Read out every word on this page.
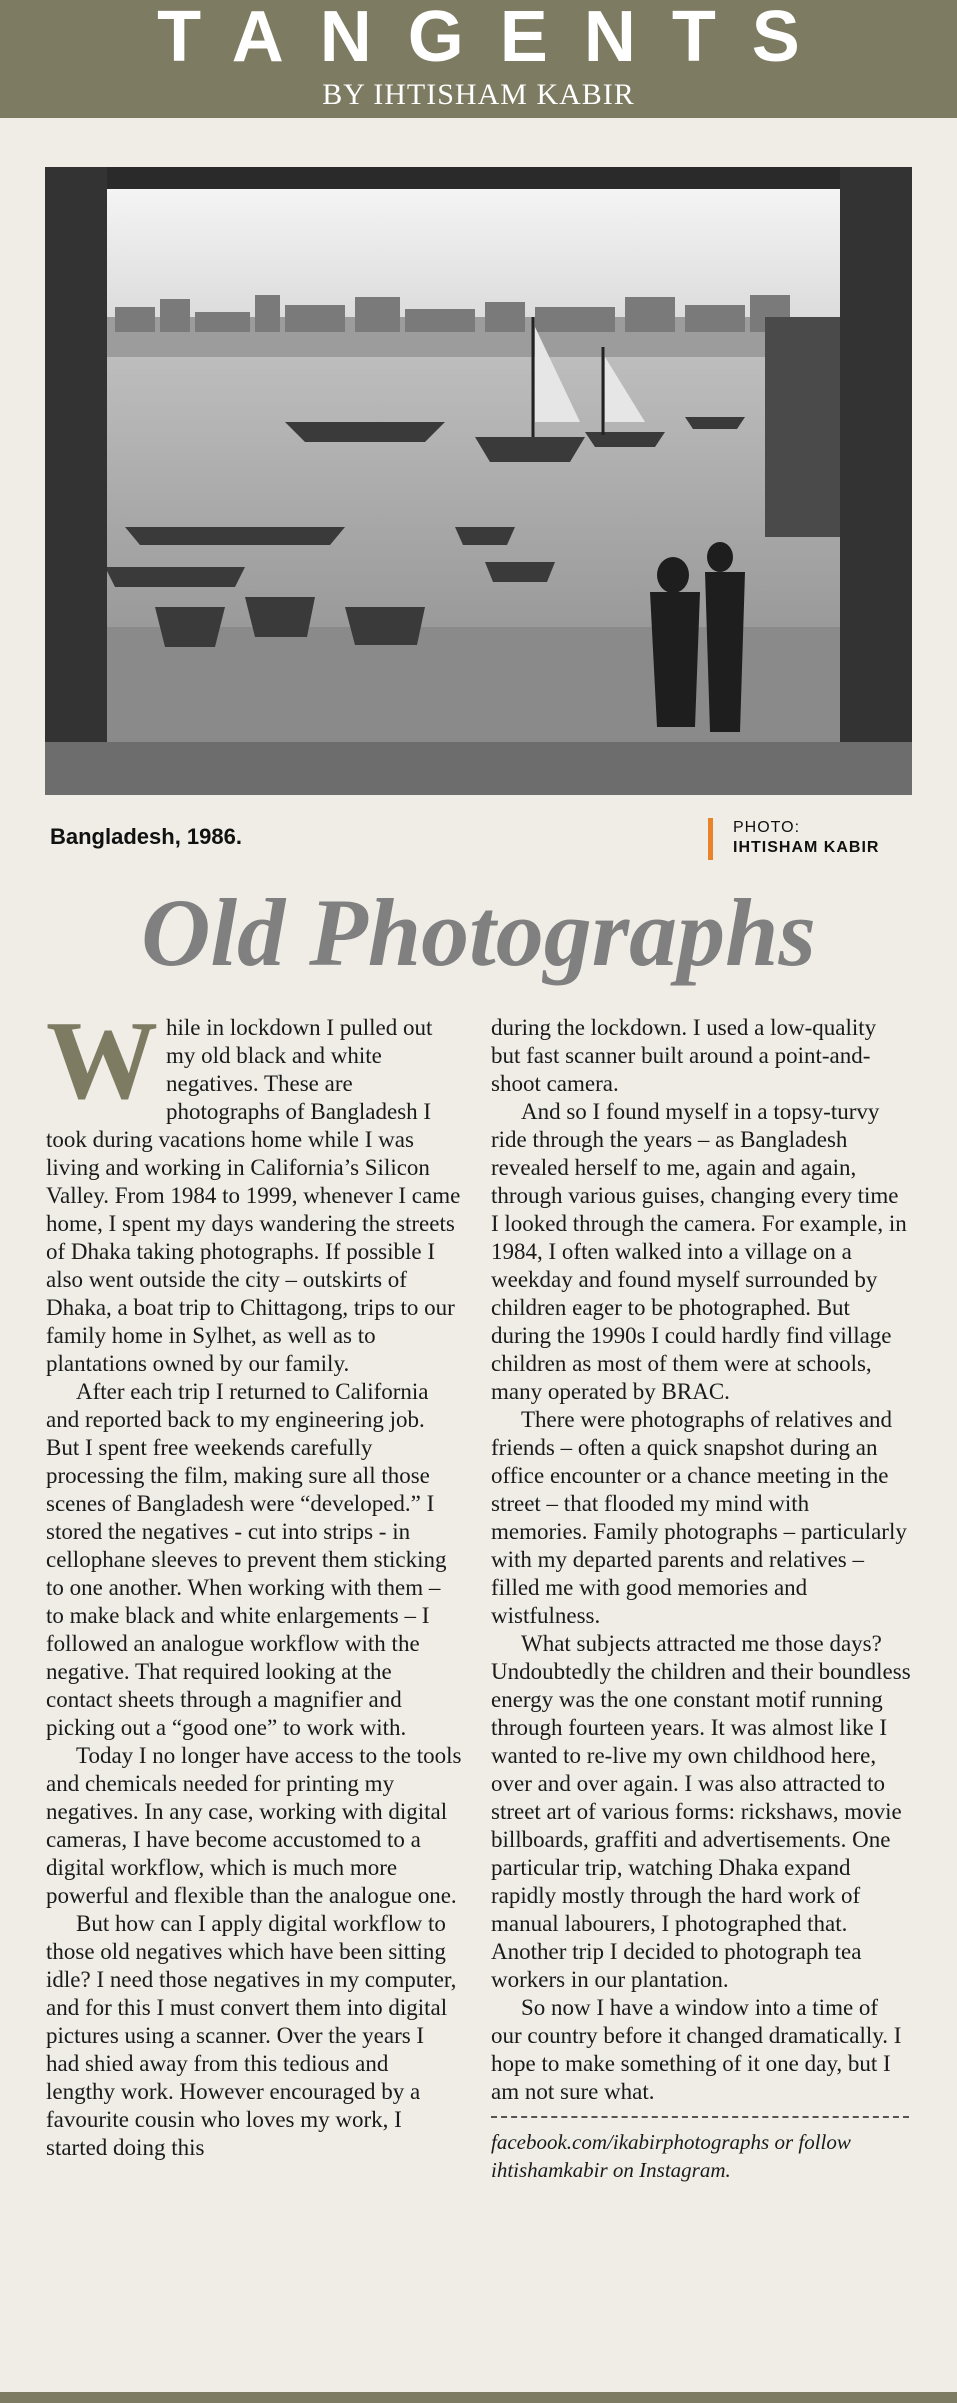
TANGENTS
BY IHTISHAM KABIR
Bangladesh, 1986.	PHOTO:
IHTISHAM KABIR
Old Photographs

While in lockdown I pulled out my old black and white negatives. These are photographs of Bangladesh I took during vacations home while I was living and working in California’s Silicon Valley. From 1984 to 1999, whenever I came home, I spent my days wandering the streets of Dhaka taking photographs. If possible I also went outside the city – outskirts of Dhaka, a boat trip to Chittagong, trips to our family home in Sylhet, as well as to plantations owned by our family.

After each trip I returned to California and reported back to my engineering job. But I spent free weekends carefully processing the film, making sure all those scenes of Bangladesh were “developed.” I stored the negatives - cut into strips - in cellophane sleeves to prevent them sticking to one another. When working with them – to make black and white enlargements – I followed an analogue workflow with the negative. That required looking at the contact sheets through a magnifier and picking out a “good one” to work with.

Today I no longer have access to the tools and chemicals needed for printing my negatives. In any case, working with digital cameras, I have become accustomed to a digital workflow, which is much more powerful and flexible than the analogue one.

But how can I apply digital workflow to those old negatives which have been sitting idle? I need those negatives in my computer, and for this I must convert them into digital pictures using a scanner. Over the years I had shied away from this tedious and lengthy work. However encouraged by a favourite cousin who loves my work, I started doing this

during the lockdown. I used a low-quality but fast scanner built around a point-and-shoot camera.

And so I found myself in a topsy-turvy ride through the years – as Bangladesh revealed herself to me, again and again, through various guises, changing every time I looked through the camera. For example, in 1984, I often walked into a village on a weekday and found myself surrounded by children eager to be photographed. But during the 1990s I could hardly find village children as most of them were at schools, many operated by BRAC.

There were photographs of relatives and friends – often a quick snapshot during an office encounter or a chance meeting in the street – that flooded my mind with memories. Family photographs – particularly with my departed parents and relatives – filled me with good memories and wistfulness.

What subjects attracted me those days? Undoubtedly the children and their boundless energy was the one constant motif running through fourteen years. It was almost like I wanted to re-live my own childhood here, over and over again. I was also attracted to street art of various forms: rickshaws, movie billboards, graffiti and advertisements. One particular trip, watching Dhaka expand rapidly mostly through the hard work of manual labourers, I photographed that. Another trip I decided to photograph tea workers in our plantation.

So now I have a window into a time of our country before it changed dramatically. I hope to make something of it one day, but I am not sure what.

facebook.com/ikabirphotographs or follow ihtishamkabir on Instagram.
